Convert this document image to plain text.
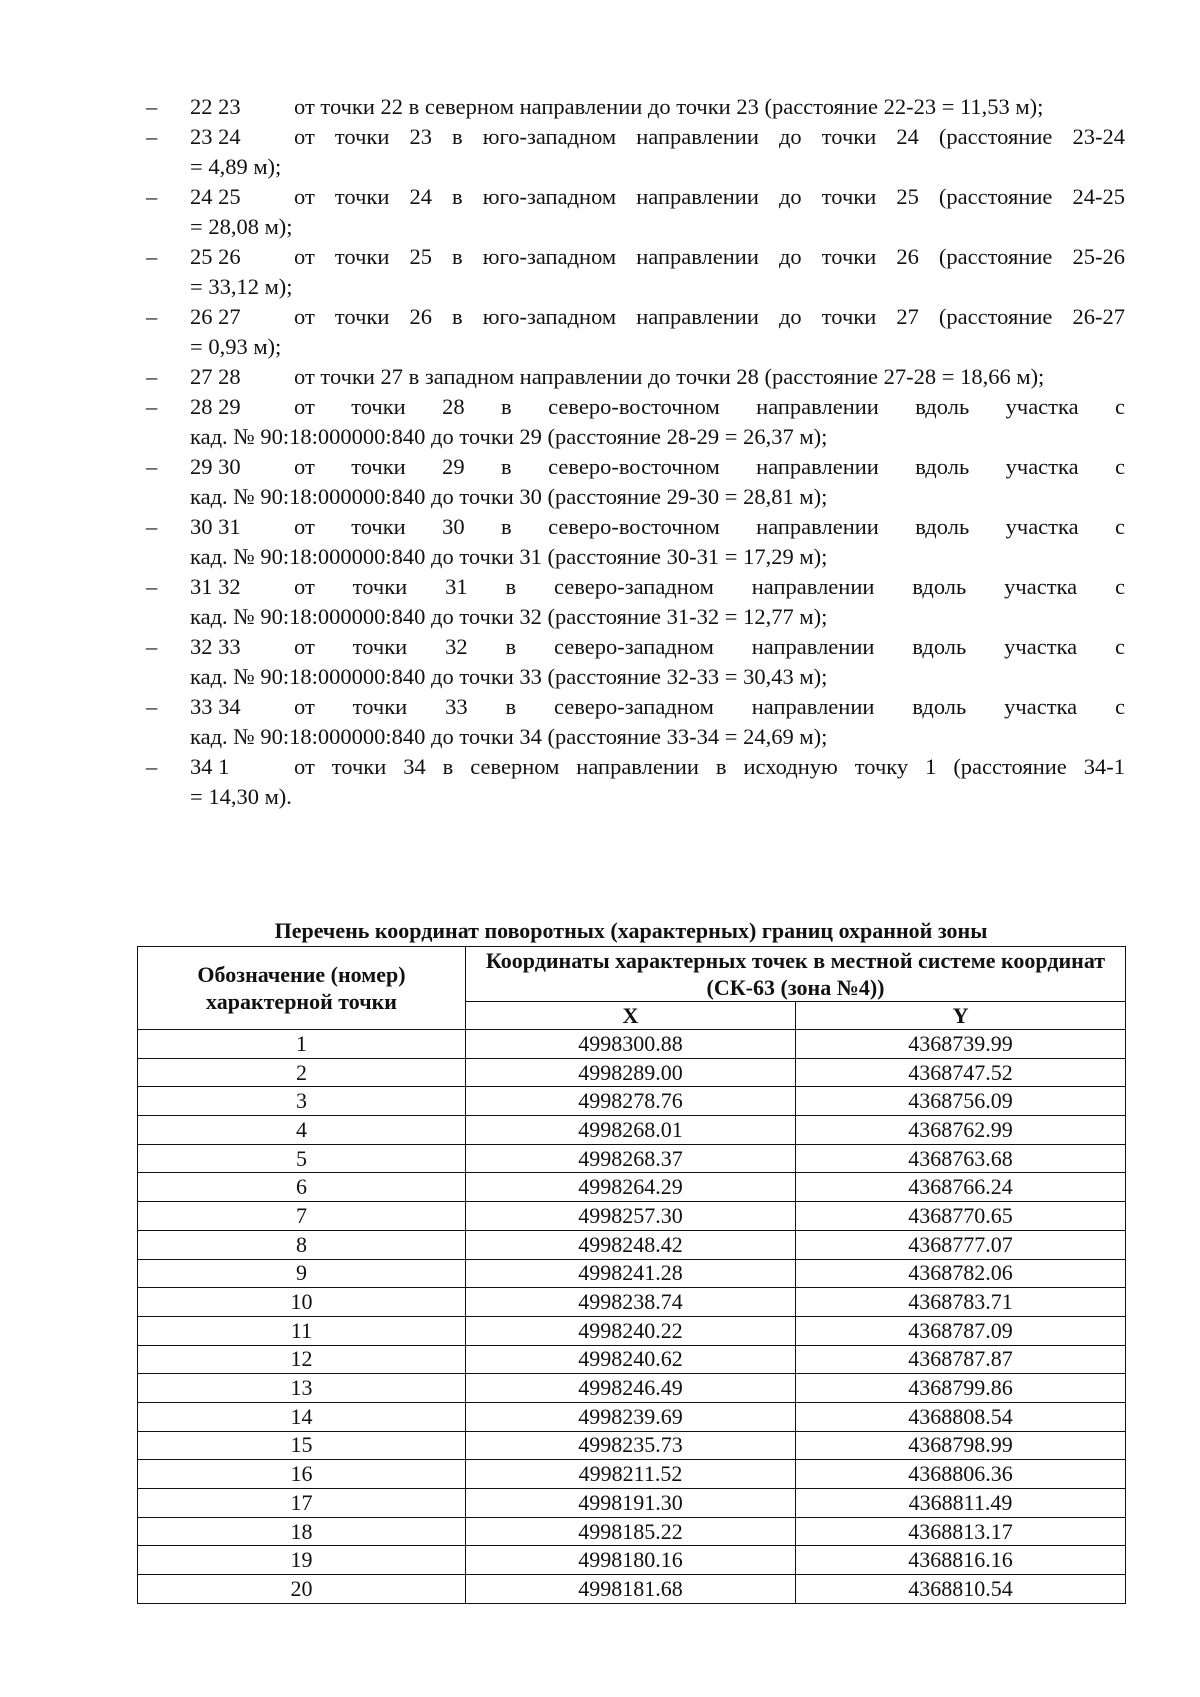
–	22 23	от точки 22 в северном направлении до точки 23 (расстояние 22-23 = 11,53 м);
–	23 24	от точки 23 в юго-западном направлении до точки 24 (расстояние 23-24
= 4,89 м);
–	24 25	от точки 24 в юго-западном направлении до точки 25 (расстояние 24-25
= 28,08 м);
–	25 26	от точки 25 в юго-западном направлении до точки 26 (расстояние 25-26
= 33,12 м);
–	26 27	от точки 26 в юго-западном направлении до точки 27 (расстояние 26-27
= 0,93 м);
–	27 28	от точки 27 в западном направлении до точки 28 (расстояние 27-28 = 18,66 м);
–	28 29	от точки 28 в северо-восточном направлении вдоль участка с
кад. № 90:18:000000:840 до точки 29 (расстояние 28-29 = 26,37 м);
–	29 30	от точки 29 в северо-восточном направлении вдоль участка с
кад. № 90:18:000000:840 до точки 30 (расстояние 29-30 = 28,81 м);
–	30 31	от точки 30 в северо-восточном направлении вдоль участка с
кад. № 90:18:000000:840 до точки 31 (расстояние 30-31 = 17,29 м);
–	31 32	от точки 31 в северо-западном направлении вдоль участка с
кад. № 90:18:000000:840 до точки 32 (расстояние 31-32 = 12,77 м);
–	32 33	от точки 32 в северо-западном направлении вдоль участка с
кад. № 90:18:000000:840 до точки 33 (расстояние 32-33 = 30,43 м);
–	33 34	от точки 33 в северо-западном направлении вдоль участка с
кад. № 90:18:000000:840 до точки 34 (расстояние 33-34 = 24,69 м);
–	34 1	от точки 34 в северном направлении в исходную точку 1 (расстояние 34-1
= 14,30 м).
Перечень координат поворотных (характерных) границ охранной зоны
Обозначение (номер) характерной точки	Координаты характерных точек в местной системе координат (СК-63 (зона №4))	
	X	Y
1	4998300.88	4368739.99
2	4998289.00	4368747.52
3	4998278.76	4368756.09
4	4998268.01	4368762.99
5	4998268.37	4368763.68
6	4998264.29	4368766.24
7	4998257.30	4368770.65
8	4998248.42	4368777.07
9	4998241.28	4368782.06
10	4998238.74	4368783.71
11	4998240.22	4368787.09
12	4998240.62	4368787.87
13	4998246.49	4368799.86
14	4998239.69	4368808.54
15	4998235.73	4368798.99
16	4998211.52	4368806.36
17	4998191.30	4368811.49
18	4998185.22	4368813.17
19	4998180.16	4368816.16
20	4998181.68	4368810.54
